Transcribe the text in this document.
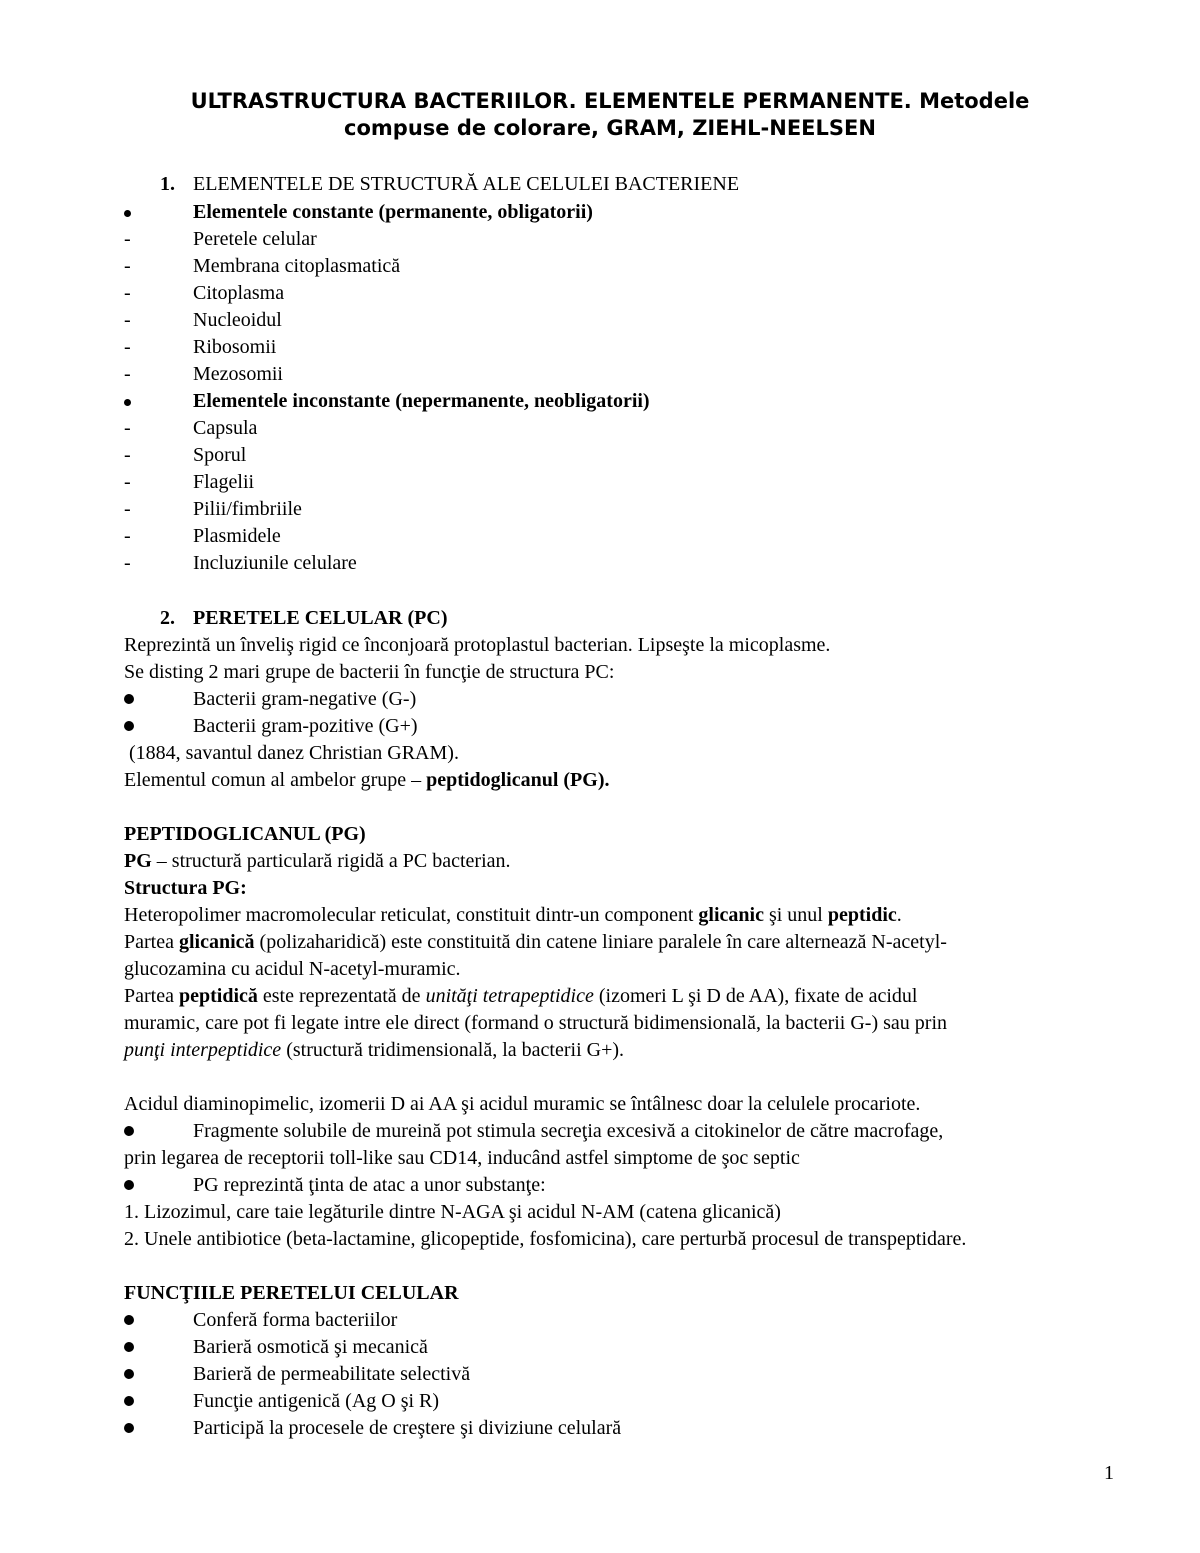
ULTRASTRUCTURA BACTERIILOR. ELEMENTELE PERMANENTE. Metodele
compuse de colorare, GRAM, ZIEHL-NEELSEN
1. ELEMENTELE DE STRUCTURĂ ALE CELULEI BACTERIENE
Elementele constante (permanente, obligatorii)
-	Peretele celular
-	Membrana citoplasmatică
-	Citoplasma
-	Nucleoidul
-	Ribosomii
-	Mezosomii
Elementele inconstante (nepermanente, neobligatorii)
-	Capsula
-	Sporul
-	Flagelii
-	Pilii/fimbriile
-	Plasmidele
-	Incluziunile celulare
2. PERETELE CELULAR (PC)
Reprezintă un înveliş rigid ce înconjoară protoplastul bacterian. Lipseşte la micoplasme.
Se disting 2 mari grupe de bacterii în funcţie de structura PC:
Bacterii gram-negative (G-)
Bacterii gram-pozitive (G+)
(1884, savantul danez Christian GRAM).
Elementul comun al ambelor grupe – peptidoglicanul (PG).
PEPTIDOGLICANUL (PG)
PG – structură particulară rigidă a PC bacterian.
Structura PG:
Heteropolimer macromolecular reticulat, constituit dintr-un component glicanic şi unul peptidic.
Partea glicanică (polizaharidică) este constituită din catene liniare paralele în care alternează N-acetyl-
glucozamina cu acidul N-acetyl-muramic.
Partea peptidică este reprezentată de unităţi tetrapeptidice (izomeri L şi D de AA), fixate de acidul
muramic, care pot fi legate intre ele direct (formand o structură bidimensională, la bacterii G-) sau prin
punţi interpeptidice (structură tridimensională, la bacterii G+).
Acidul diaminopimelic, izomerii D ai AA şi acidul muramic se întâlnesc doar la celulele procariote.
Fragmente solubile de mureină pot stimula secreţia excesivă a citokinelor de către macrofage,
prin legarea de receptorii toll-like sau CD14, inducând astfel simptome de şoc septic
PG reprezintă ţinta de atac a unor substanţe:
1. Lizozimul, care taie legăturile dintre N-AGA şi acidul N-AM (catena glicanică)
2. Unele antibiotice (beta-lactamine, glicopeptide, fosfomicina), care perturbă procesul de transpeptidare.
FUNCŢIILE PERETELUI CELULAR
Conferă forma bacteriilor
Barieră osmotică şi mecanică
Barieră de permeabilitate selectivă
Funcţie antigenică (Ag O şi R)
Participă la procesele de creştere şi diviziune celulară
1
